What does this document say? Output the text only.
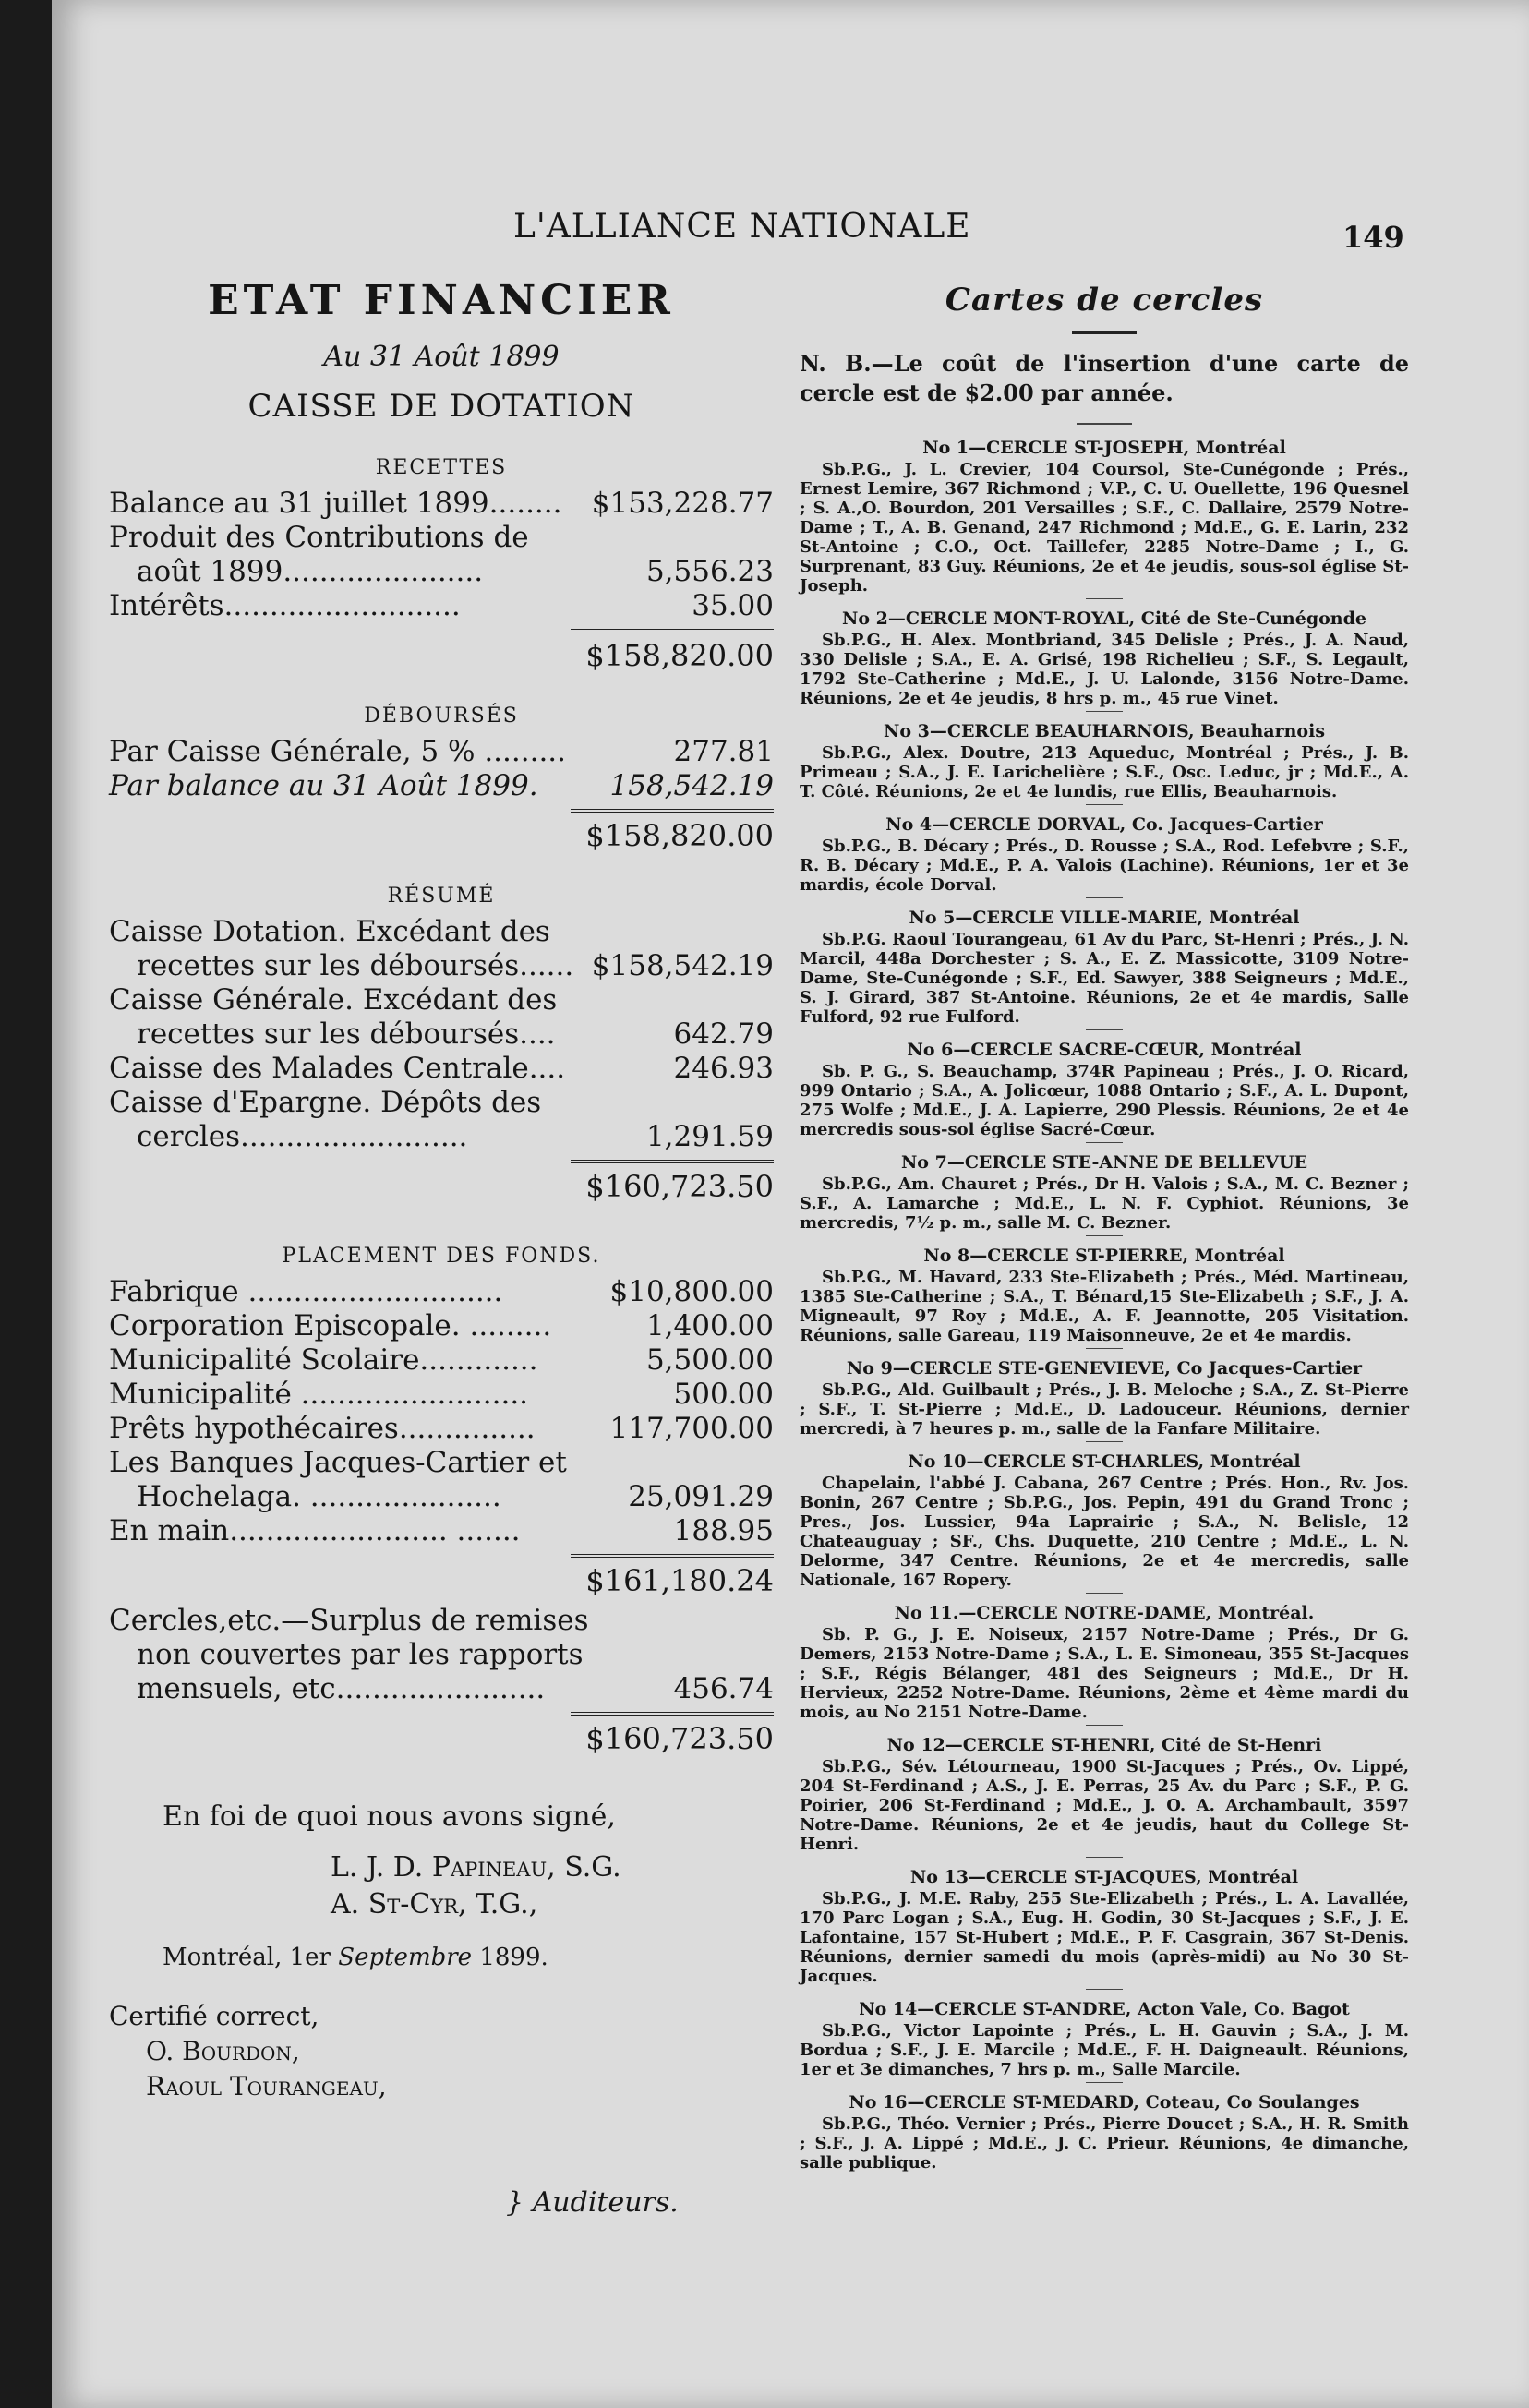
L'ALLIANCE NATIONALE	149
ETAT FINANCIER
Au 31 Août 1899
CAISSE DE DOTATION
RECETTES
Balance au 31 juillet 1899........	$153,228.77
Produit des Contributions de
août 1899......................	5,556.23
Intérêts..........................	35.00
$158,820.00
DÉBOURSÉS
Par Caisse Générale, 5 % .........	277.81
Par balance au 31 Août 1899.	158,542.19
$158,820.00
RÉSUMÉ
Caisse Dotation. Excédant des
recettes sur les déboursés...... $158,542.19
Caisse Générale. Excédant des
recettes sur les déboursés....	642.79
Caisse des Malades Centrale....	246.93
Caisse d'Epargne. Dépôts des
cercles.........................	1,291.59
$160,723.50
PLACEMENT DES FONDS.
Fabrique ............................	$10,800.00
Corporation Episcopale. .........	1,400.00
Municipalité Scolaire.............	5,500.00
Municipalité .........................	500.00
Prêts hypothécaires...............	117,700.00
Les Banques Jacques-Cartier et
Hochelaga. .....................	25,091.29
En main........................ .......	188.95
$161,180.24
Cercles,etc.—Surplus de remises
non couvertes par les rapports
mensuels, etc.......................	456.74
$160,723.50
En foi de quoi nous avons signé,
L. J. D. Papineau, S.G.
A. St-Cyr, T.G.,
Montréal, 1er Septembre 1899.
Certifié correct,
O. Bourdon,
Raoul Tourangeau,
} Auditeurs.
Cartes de cercles
N. B.—Le coût de l'insertion d'une carte de cercle est de $2.00 par année.
No 1—CERCLE ST-JOSEPH, Montréal
Sb.P.G., J. L. Crevier, 104 Coursol, Ste-Cunégonde ; Prés., Ernest Lemire, 367 Richmond ; V.P., C. U. Ouellette, 196 Quesnel ; S. A.,O. Bourdon, 201 Versailles ; S.F., C. Dallaire, 2579 Notre-Dame ; T., A. B. Genand, 247 Richmond ; Md.E., G. E. Larin, 232 St-Antoine ; C.O., Oct. Taillefer, 2285 Notre-Dame ; I., G. Surprenant, 83 Guy. Réunions, 2e et 4e jeudis, sous-sol église St-Joseph.
No 2—CERCLE MONT-ROYAL, Cité de Ste-Cunégonde
Sb.P.G., H. Alex. Montbriand, 345 Delisle ; Prés., J. A. Naud, 330 Delisle ; S.A., E. A. Grisé, 198 Richelieu ; S.F., S. Legault, 1792 Ste-Catherine ; Md.E., J. U. Lalonde, 3156 Notre-Dame. Réunions, 2e et 4e jeudis, 8 hrs p. m., 45 rue Vinet.
No 3—CERCLE BEAUHARNOIS, Beauharnois
Sb.P.G., Alex. Doutre, 213 Aqueduc, Montréal ; Prés., J. B. Primeau ; S.A., J. E. Larichelière ; S.F., Osc. Leduc, jr ; Md.E., A. T. Côté. Réunions, 2e et 4e lundis, rue Ellis, Beauharnois.
No 4—CERCLE DORVAL, Co. Jacques-Cartier
Sb.P.G., B. Décary ; Prés., D. Rousse ; S.A., Rod. Lefebvre ; S.F., R. B. Décary ; Md.E., P. A. Valois (Lachine). Réunions, 1er et 3e mardis, école Dorval.
No 5—CERCLE VILLE-MARIE, Montréal
Sb.P.G. Raoul Tourangeau, 61 Av du Parc, St-Henri ; Prés., J. N. Marcil, 448a Dorchester ; S. A., E. Z. Massicotte, 3109 Notre-Dame, Ste-Cunégonde ; S.F., Ed. Sawyer, 388 Seigneurs ; Md.E., S. J. Girard, 387 St-Antoine. Réunions, 2e et 4e mardis, Salle Fulford, 92 rue Fulford.
No 6—CERCLE SACRE-CŒUR, Montréal
Sb. P. G., S. Beauchamp, 374R Papineau ; Prés., J. O. Ricard, 999 Ontario ; S.A., A. Jolicœur, 1088 Ontario ; S.F., A. L. Dupont, 275 Wolfe ; Md.E., J. A. Lapierre, 290 Plessis. Réunions, 2e et 4e mercredis sous-sol église Sacré-Cœur.
No 7—CERCLE STE-ANNE DE BELLEVUE
Sb.P.G., Am. Chauret ; Prés., Dr H. Valois ; S.A., M. C. Bezner ; S.F., A. Lamarche ; Md.E., L. N. F. Cyphiot. Réunions, 3e mercredis, 7½ p. m., salle M. C. Bezner.
No 8—CERCLE ST-PIERRE, Montréal
Sb.P.G., M. Havard, 233 Ste-Elizabeth ; Prés., Méd. Martineau, 1385 Ste-Catherine ; S.A., T. Bénard,15 Ste-Elizabeth ; S.F., J. A. Migneault, 97 Roy ; Md.E., A. F. Jeannotte, 205 Visitation. Réunions, salle Gareau, 119 Maisonneuve, 2e et 4e mardis.
No 9—CERCLE STE-GENEVIEVE, Co Jacques-Cartier
Sb.P.G., Ald. Guilbault ; Prés., J. B. Meloche ; S.A., Z. St-Pierre ; S.F., T. St-Pierre ; Md.E., D. Ladouceur. Réunions, dernier mercredi, à 7 heures p. m., salle de la Fanfare Militaire.
No 10—CERCLE ST-CHARLES, Montréal
Chapelain, l'abbé J. Cabana, 267 Centre ; Prés. Hon., Rv. Jos. Bonin, 267 Centre ; Sb.P.G., Jos. Pepin, 491 du Grand Tronc ; Pres., Jos. Lussier, 94a Laprairie ; S.A., N. Belisle, 12 Chateauguay ; SF., Chs. Duquette, 210 Centre ; Md.E., L. N. Delorme, 347 Centre. Réunions, 2e et 4e mercredis, salle Nationale, 167 Ropery.
No 11.—CERCLE NOTRE-DAME, Montréal.
Sb. P. G., J. E. Noiseux, 2157 Notre-Dame ; Prés., Dr G. Demers, 2153 Notre-Dame ; S.A., L. E. Simoneau, 355 St-Jacques ; S.F., Régis Bélanger, 481 des Seigneurs ; Md.E., Dr H. Hervieux, 2252 Notre-Dame. Réunions, 2ème et 4ème mardi du mois, au No 2151 Notre-Dame.
No 12—CERCLE ST-HENRI, Cité de St-Henri
Sb.P.G., Sév. Létourneau, 1900 St-Jacques ; Prés., Ov. Lippé, 204 St-Ferdinand ; A.S., J. E. Perras, 25 Av. du Parc ; S.F., P. G. Poirier, 206 St-Ferdinand ; Md.E., J. O. A. Archambault, 3597 Notre-Dame. Réunions, 2e et 4e jeudis, haut du College St-Henri.
No 13—CERCLE ST-JACQUES, Montréal
Sb.P.G., J. M.E. Raby, 255 Ste-Elizabeth ; Prés., L. A. Lavallée, 170 Parc Logan ; S.A., Eug. H. Godin, 30 St-Jacques ; S.F., J. E. Lafontaine, 157 St-Hubert ; Md.E., P. F. Casgrain, 367 St-Denis. Réunions, dernier samedi du mois (après-midi) au No 30 St-Jacques.
No 14—CERCLE ST-ANDRE, Acton Vale, Co. Bagot
Sb.P.G., Victor Lapointe ; Prés., L. H. Gauvin ; S.A., J. M. Bordua ; S.F., J. E. Marcile ; Md.E., F. H. Daigneault. Réunions, 1er et 3e dimanches, 7 hrs p. m., Salle Marcile.
No 16—CERCLE ST-MEDARD, Coteau, Co Soulanges
Sb.P.G., Théo. Vernier ; Prés., Pierre Doucet ; S.A., H. R. Smith ; S.F., J. A. Lippé ; Md.E., J. C. Prieur. Réunions, 4e dimanche, salle publique.
